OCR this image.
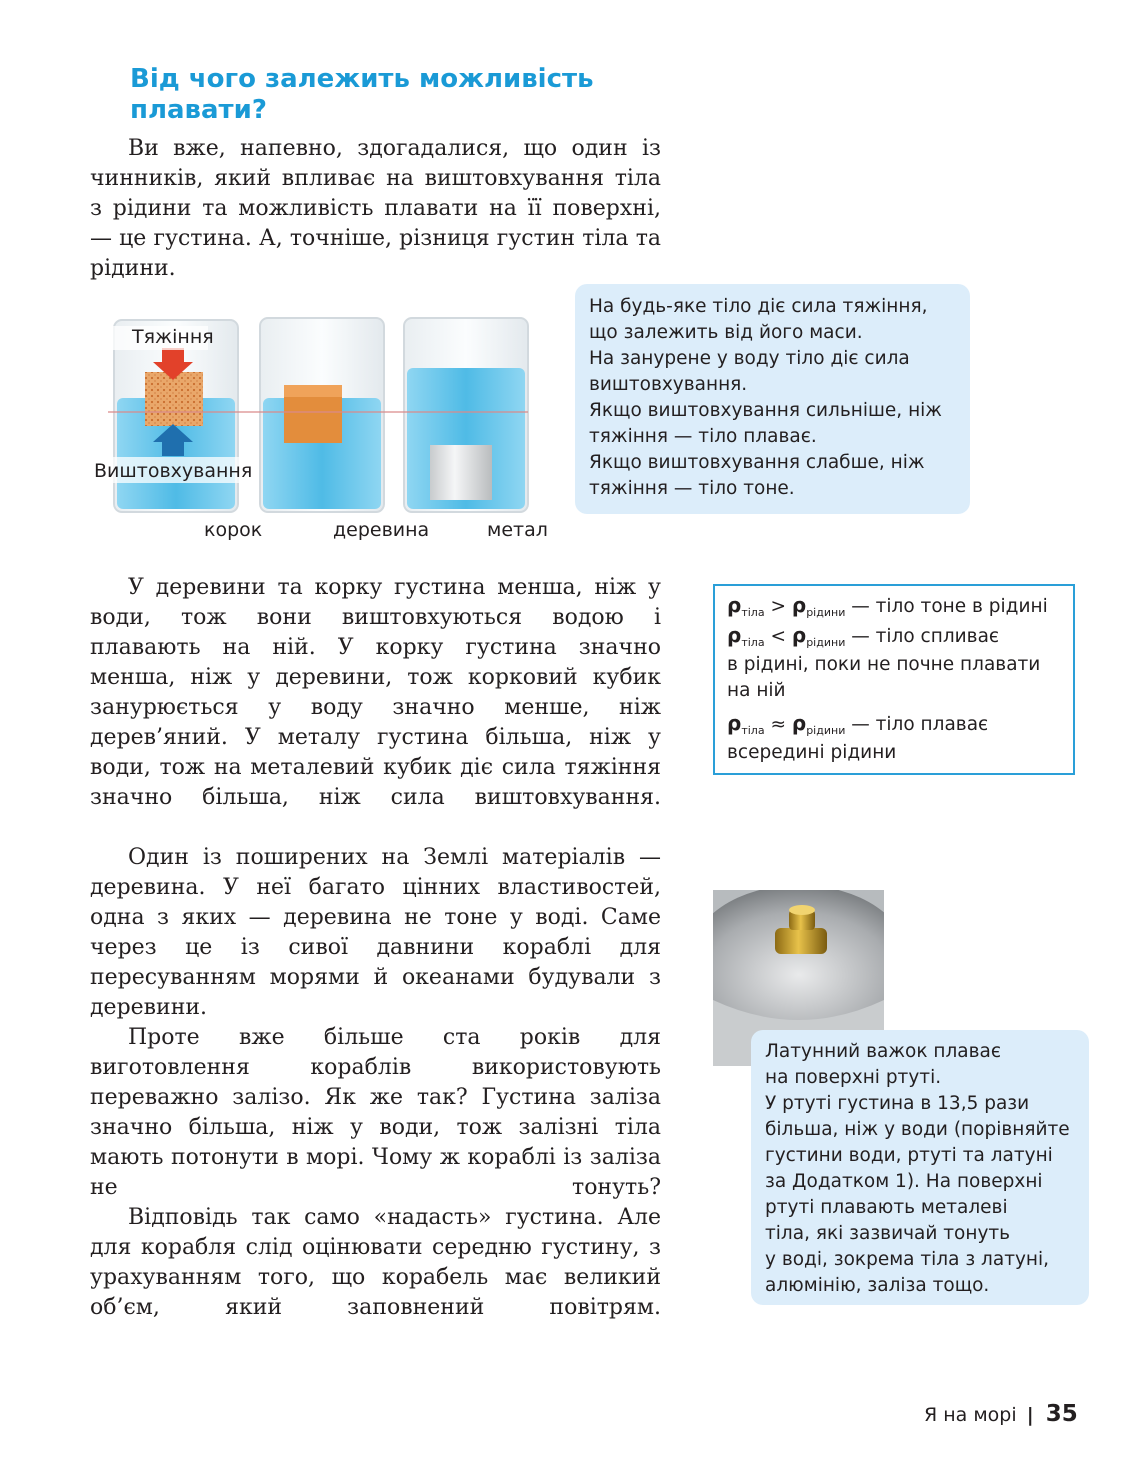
Від чого залежить можливість плавати?

Ви вже, напевно, здогадалися, що один із чинників, який впливає на виштовхування тіла з рідини та можливість плавати на її поверхні, — це густина. А, точніше, різниця густин тіла та рідини.

Тяжіння
Виштовхування
корок	деревина	метал
На будь-яке тіло діє сила тяжіння,
що залежить від його маси.
На занурене у воду тіло діє сила
виштовхування.
Якщо виштовхування сильніше, ніж
тяжіння — тіло плаває.
Якщо виштовхування слабше, ніж
тяжіння — тіло тоне.
$\rho_{тіла} > \rho_{рідини}$ — тіло тоне в рідині
$\rho_{тіла} < \rho_{рідини}$ — тіло спливає
в рідині, поки не почне плавати
на ній
$\rho_{тіла} \approx \rho_{рідини}$ — тіло плаває
всередині рідини

У деревини та корку густина менша, ніж у води, тож вони виштовхуються водою і плавають на ній. У корку густина значно менша, ніж у деревини, тож корковий кубик занурюється у воду значно менше, ніж дерев’яний. У металу густина більша, ніж у води, тож на металевий кубик діє сила тяжіння значно більша, ніж сила виштовхування.

Один із поширених на Землі матеріалів — деревина. У неї багато цінних властивостей, одна з яких — деревина не тоне у воді. Саме через це із сивої давнини кораблі для пересуванням морями й океанами будували з деревини.

Проте вже більше ста років для виготовлення кораблів використовують переважно залізо. Як же так? Густина заліза значно більша, ніж у води, тож залізні тіла мають потонути в морі. Чому ж кораблі із заліза не тонуть?

Відповідь так само «надасть» густина. Але для корабля слід оцінювати середню густину, з урахуванням того, що корабель має великий об’єм, який заповнений повітрям.

Латунний важок плаває
на поверхні ртуті.
У ртуті густина в 13,5 рази
більша, ніж у води (порівняйте
густини води, ртуті та латуні
за Додатком 1). На поверхні
ртуті плавають металеві
тіла, які зазвичай тонуть
у воді, зокрема тіла з латуні,
алюмінію, заліза тощо.
Я на морі | 35
